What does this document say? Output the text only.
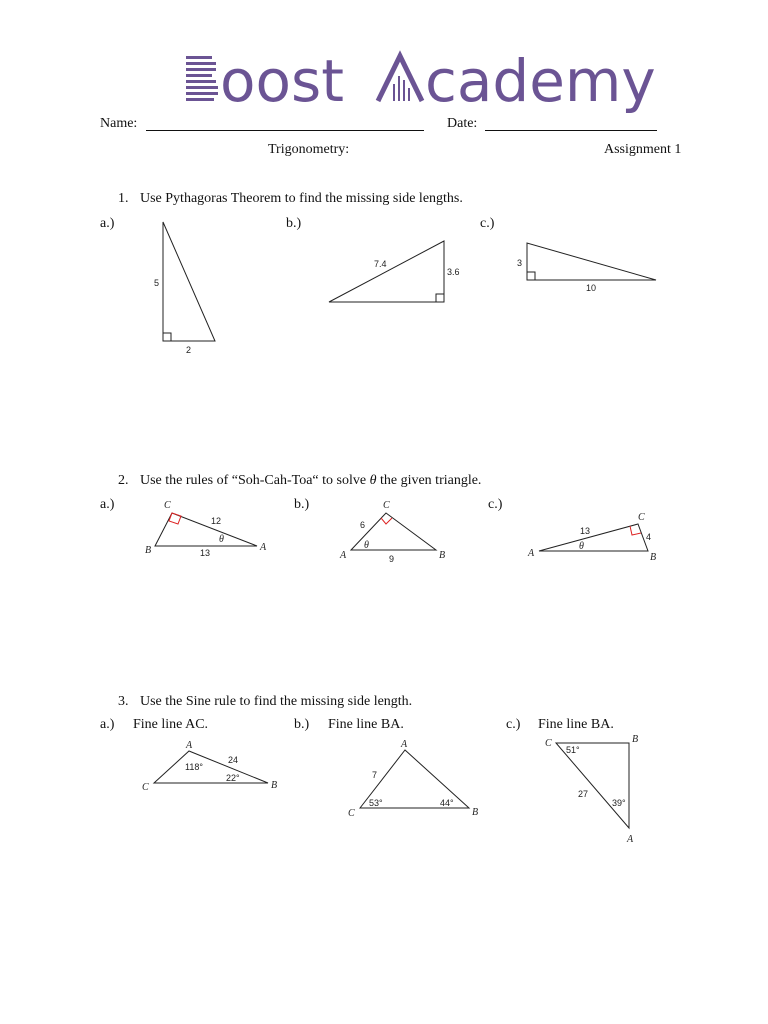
oost cademy
Name:	Date:
Trigonometry:	Assignment 1
1. Use Pythagoras Theorem to find the missing side lengths.
a.)	b.)	c.)
5
2
7.4
3.6
3
10
C
B	A
12
13
θ
C
A	B
6
9
θ
C
A	B
13
4
θ
A
C	B
118°
22°
24
A
C	B
53°	44°
7
C	B
A
51°
39°
27
2. Use the rules of “Soh-Cah-Toa“ to solve θ the given triangle.
a.)	b.)	c.)
3. Use the Sine rule to find the missing side length.
a.) Fine line AC.	b.) Fine line BA.	c.) Fine line BA.
